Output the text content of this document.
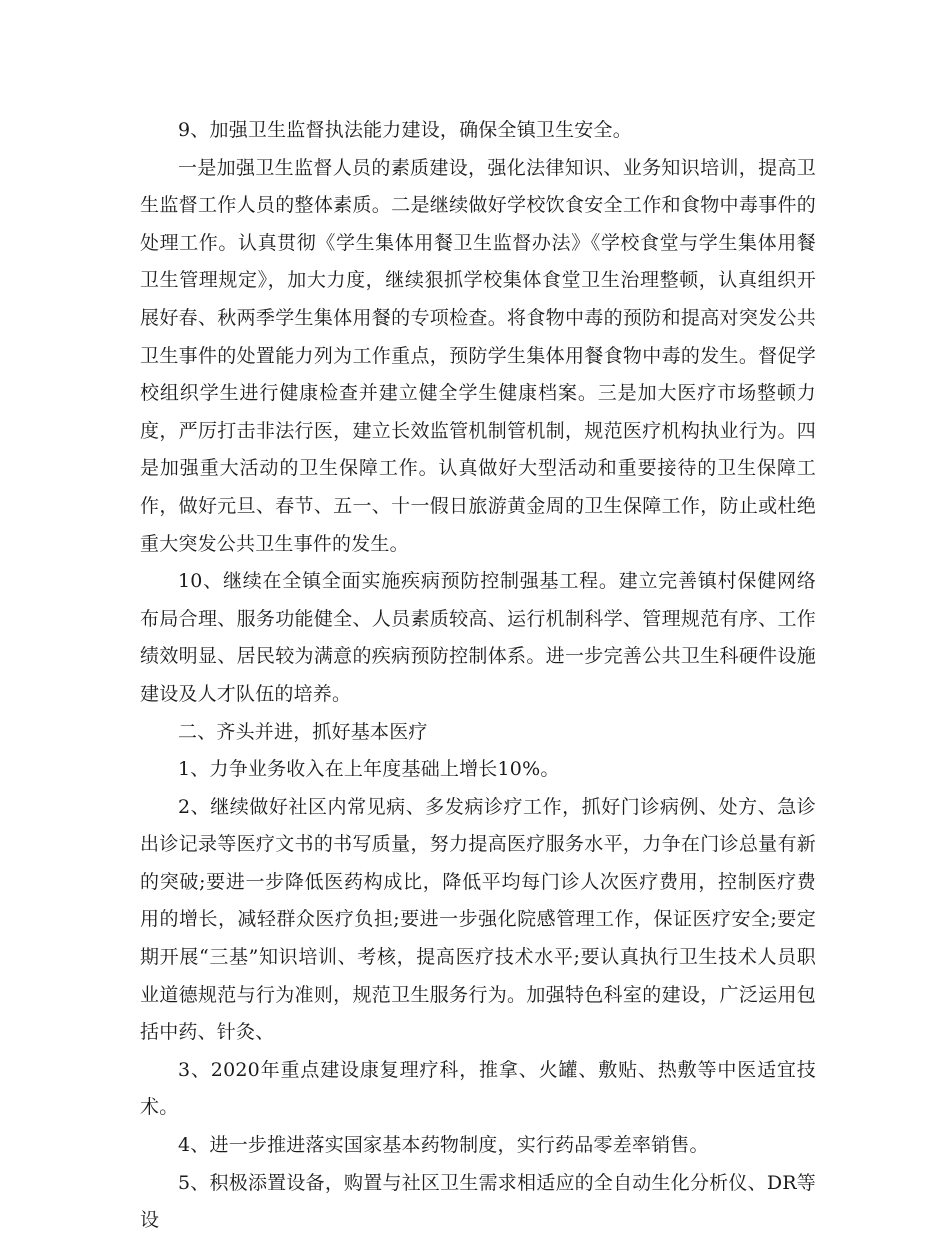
9、加强卫生监督执法能力建设，确保全镇卫生安全。

一是加强卫生监督人员的素质建设，强化法律知识、业务知识培训，提高卫生监督工作人员的整体素质。二是继续做好学校饮食安全工作和食物中毒事件的处理工作。认真贯彻《学生集体用餐卫生监督办法》《学校食堂与学生集体用餐卫生管理规定》，加大力度，继续狠抓学校集体食堂卫生治理整顿，认真组织开展好春、秋两季学生集体用餐的专项检查。将食物中毒的预防和提高对突发公共卫生事件的处置能力列为工作重点，预防学生集体用餐食物中毒的发生。督促学校组织学生进行健康检查并建立健全学生健康档案。三是加大医疗市场整顿力度，严厉打击非法行医，建立长效监管机制管机制，规范医疗机构执业行为。四是加强重大活动的卫生保障工作。认真做好大型活动和重要接待的卫生保障工作，做好元旦、春节、五一、十一假日旅游黄金周的卫生保障工作，防止或杜绝重大突发公共卫生事件的发生。

10、继续在全镇全面实施疾病预防控制强基工程。建立完善镇村保健网络布局合理、服务功能健全、人员素质较高、运行机制科学、管理规范有序、工作绩效明显、居民较为满意的疾病预防控制体系。进一步完善公共卫生科硬件设施建设及人才队伍的培养。

二、齐头并进，抓好基本医疗

1、力争业务收入在上年度基础上增长10%。

2、继续做好社区内常见病、多发病诊疗工作，抓好门诊病例、处方、急诊出诊记录等医疗文书的书写质量，努力提高医疗服务水平，力争在门诊总量有新的突破;要进一步降低医药构成比，降低平均每门诊人次医疗费用，控制医疗费用的增长，减轻群众医疗负担;要进一步强化院感管理工作，保证医疗安全;要定期开展“三基”知识培训、考核，提高医疗技术水平;要认真执行卫生技术人员职业道德规范与行为准则，规范卫生服务行为。加强特色科室的建设，广泛运用包括中药、针灸、

3、2020年重点建设康复理疗科，推拿、火罐、敷贴、热敷等中医适宜技术。

4、进一步推进落实国家基本药物制度，实行药品零差率销售。

5、积极添置设备，购置与社区卫生需求相适应的全自动生化分析仪、DR等设
